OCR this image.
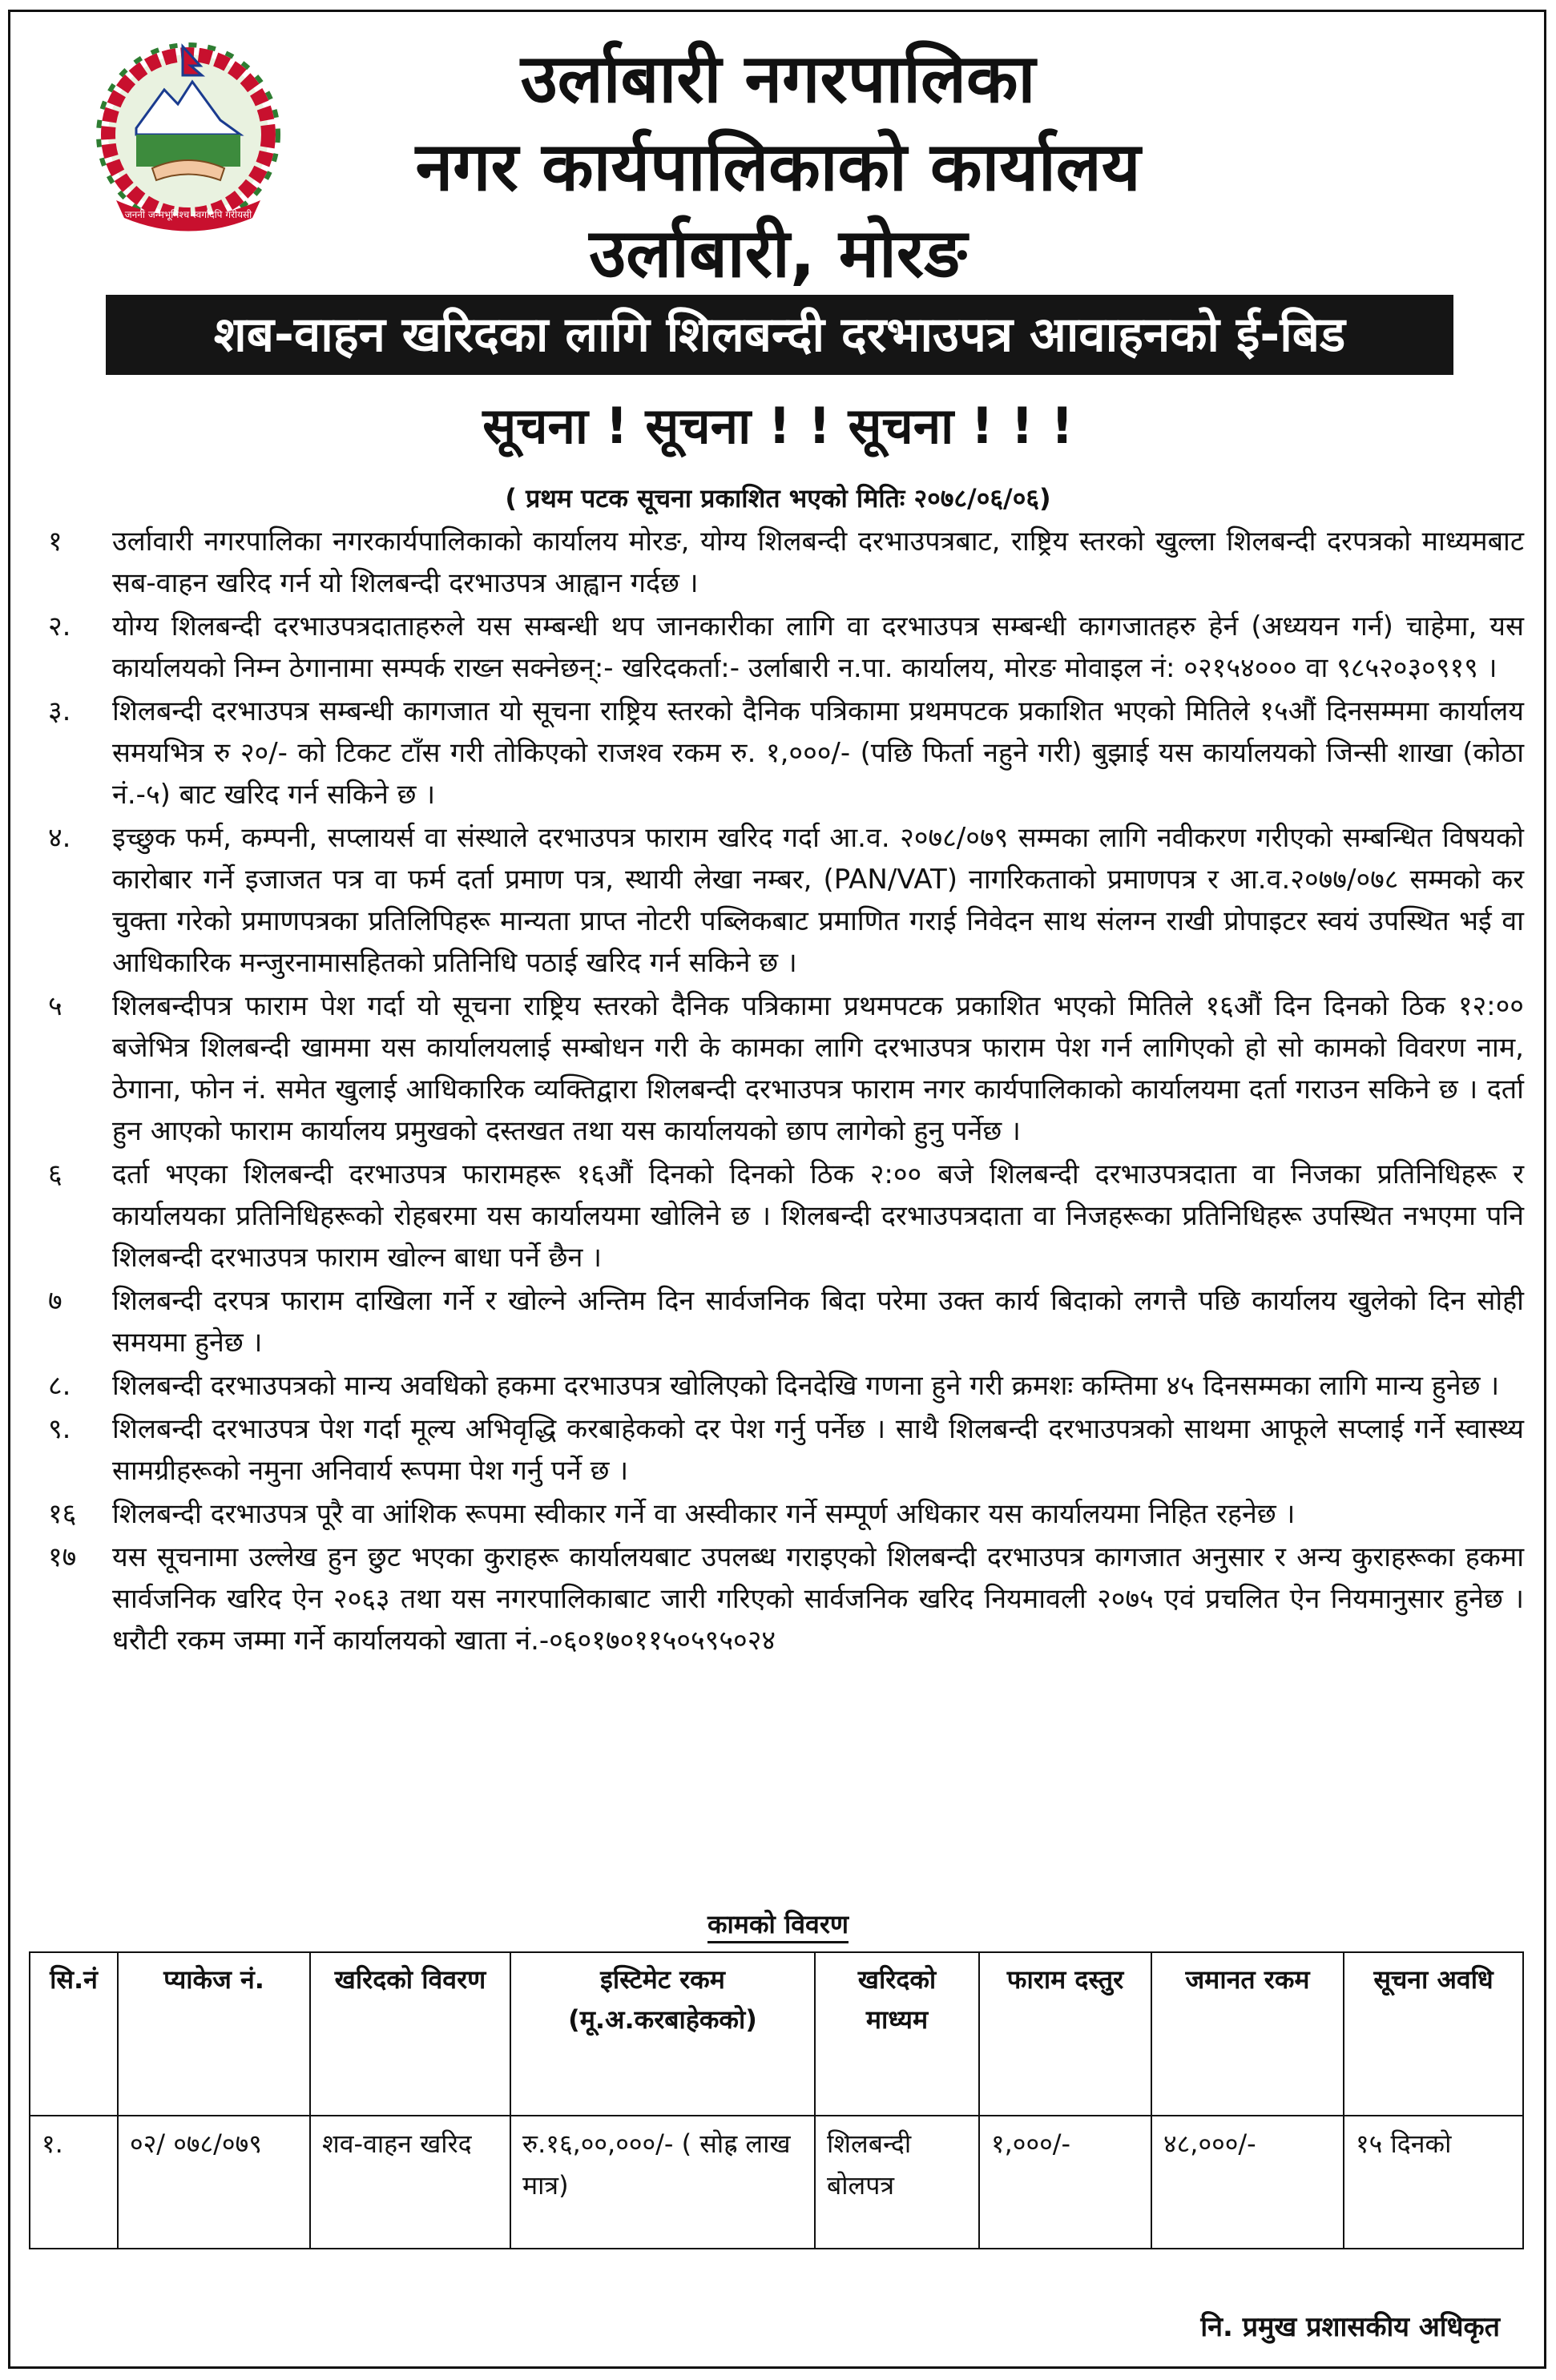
जननी जन्मभूमिश्च स्वर्गादपि गरीयसी
उर्लाबारी नगरपालिका
नगर कार्यपालिकाको कार्यालय
उर्लाबारी, मोरङ
शब-वाहन खरिदका लागि शिलबन्दी दरभाउपत्र आवाहनको ई-बिड
सूचना ! सूचना ! ! सूचना ! ! !
( प्रथम पटक सूचना प्रकाशित भएको मितिः २०७८/०६/०६)
१	उर्लावारी नगरपालिका नगरकार्यपालिकाको कार्यालय मोरङ, योग्य शिलबन्दी दरभाउपत्रबाट, राष्ट्रिय स्तरको खुल्ला शिलबन्दी दरपत्रको माध्यमबाट सब-वाहन खरिद गर्न यो शिलबन्दी दरभाउपत्र आह्वान गर्दछ ।
२.	योग्य शिलबन्दी दरभाउपत्रदाताहरुले यस सम्बन्धी थप जानकारीका लागि वा दरभाउपत्र सम्बन्धी कागजातहरु हेर्न (अध्ययन गर्न) चाहेमा, यस कार्यालयको निम्न ठेगानामा सम्पर्क राख्न सक्नेछन्:- खरिदकर्ता:- उर्लाबारी न.पा. कार्यालय, मोरङ मोवाइल नं: ०२१५४००० वा ९८५२०३०९१९ ।
३.	शिलबन्दी दरभाउपत्र सम्बन्धी कागजात यो सूचना राष्ट्रिय स्तरको दैनिक पत्रिकामा प्रथमपटक प्रकाशित भएको मितिले १५औं दिनसम्ममा कार्यालय समयभित्र रु २०/- को टिकट टाँस गरी तोकिएको राजश्व रकम रु. १,०००/- (पछि फिर्ता नहुने गरी) बुझाई यस कार्यालयको जिन्सी शाखा (कोठा नं.-५) बाट खरिद गर्न सकिने छ ।
४.	इच्छुक फर्म, कम्पनी, सप्लायर्स वा संस्थाले दरभाउपत्र फाराम खरिद गर्दा आ.व. २०७८/०७९ सम्मका लागि नवीकरण गरीएको सम्बन्धित विषयको कारोबार गर्ने इजाजत पत्र वा फर्म दर्ता प्रमाण पत्र, स्थायी लेखा नम्बर, (PAN/VAT) नागरिकताको प्रमाणपत्र र आ.व.२०७७/०७८ सम्मको कर चुक्ता गरेको प्रमाणपत्रका प्रतिलिपिहरू मान्यता प्राप्त नोटरी पब्लिकबाट प्रमाणित गराई निवेदन साथ संलग्न राखी प्रोपाइटर स्वयं उपस्थित भई वा आधिकारिक मन्जुरनामासहितको प्रतिनिधि पठाई खरिद गर्न सकिने छ ।
५	शिलबन्दीपत्र फाराम पेश गर्दा यो सूचना राष्ट्रिय स्तरको दैनिक पत्रिकामा प्रथमपटक प्रकाशित भएको मितिले १६औं दिन दिनको ठिक १२:०० बजेभित्र शिलबन्दी खाममा यस कार्यालयलाई सम्बोधन गरी के कामका लागि दरभाउपत्र फाराम पेश गर्न लागिएको हो सो कामको विवरण नाम, ठेगाना, फोन नं. समेत खुलाई आधिकारिक व्यक्तिद्वारा शिलबन्दी दरभाउपत्र फाराम नगर कार्यपालिकाको कार्यालयमा दर्ता गराउन सकिने छ । दर्ता हुन आएको फाराम कार्यालय प्रमुखको दस्तखत तथा यस कार्यालयको छाप लागेको हुनु पर्नेछ ।
६	दर्ता भएका शिलबन्दी दरभाउपत्र फारामहरू १६औं दिनको दिनको ठिक २:०० बजे शिलबन्दी दरभाउपत्रदाता वा निजका प्रतिनिधिहरू र कार्यालयका प्रतिनिधिहरूको रोहबरमा यस कार्यालयमा खोलिने छ । शिलबन्दी दरभाउपत्रदाता वा निजहरूका प्रतिनिधिहरू उपस्थित नभएमा पनि शिलबन्दी दरभाउपत्र फाराम खोल्न बाधा पर्ने छैन ।
७	शिलबन्दी दरपत्र फाराम दाखिला गर्ने र खोल्ने अन्तिम दिन सार्वजनिक बिदा परेमा उक्त कार्य बिदाको लगत्तै पछि कार्यालय खुलेको दिन सोही समयमा हुनेछ ।
८.	शिलबन्दी दरभाउपत्रको मान्य अवधिको हकमा दरभाउपत्र खोलिएको दिनदेखि गणना हुने गरी क्रमशः कम्तिमा ४५ दिनसम्मका लागि मान्य हुनेछ ।
९.	शिलबन्दी दरभाउपत्र पेश गर्दा मूल्य अभिवृद्धि करबाहेकको दर पेश गर्नु पर्नेछ । साथै शिलबन्दी दरभाउपत्रको साथमा आफूले सप्लाई गर्ने स्वास्थ्य सामग्रीहरूको नमुना अनिवार्य रूपमा पेश गर्नु पर्ने छ ।
१६	शिलबन्दी दरभाउपत्र पूरै वा आंशिक रूपमा स्वीकार गर्ने वा अस्वीकार गर्ने सम्पूर्ण अधिकार यस कार्यालयमा निहित रहनेछ ।
१७	यस सूचनामा उल्लेख हुन छुट भएका कुराहरू कार्यालयबाट उपलब्ध गराइएको शिलबन्दी दरभाउपत्र कागजात अनुसार र अन्य कुराहरूका हकमा सार्वजनिक खरिद ऐन २०६३ तथा यस नगरपालिकाबाट जारी गरिएको सार्वजनिक खरिद नियमावली २०७५ एवं प्रचलित ऐन नियमानुसार हुनेछ । धरौटी रकम जम्मा गर्ने कार्यालयको खाता नं.-०६०१७०११५०५९५०२४
कामको विवरण
सि.नं	प्याकेज नं.	खरिदको विवरण	इस्टिमेट रकम (मू.अ.करबाहेकको)	खरिदको माध्यम	फाराम दस्तुर	जमानत रकम	सूचना अवधि
१.	०२/ ०७८/०७९	शव-वाहन खरिद	रु.१६,००,०००/- ( सोह्र लाख मात्र)	शिलबन्दी बोलपत्र	१,०००/-	४८,०००/-	१५ दिनको
नि. प्रमुख प्रशासकीय अधिकृत
